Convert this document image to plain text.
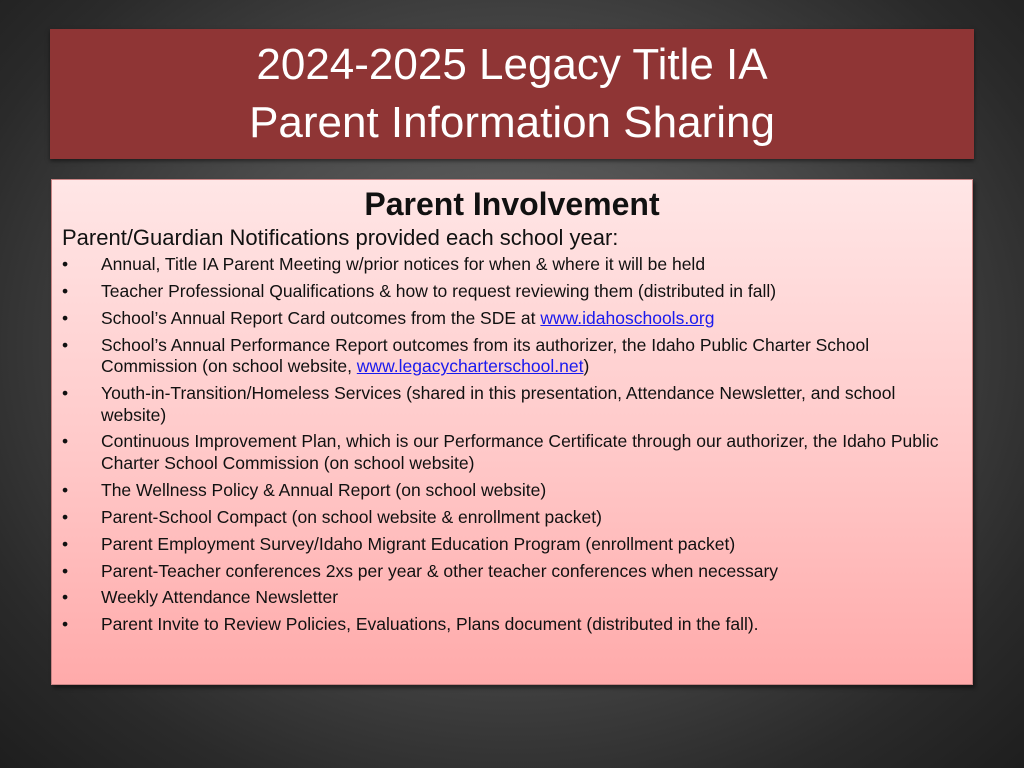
2024-2025 Legacy Title IA
Parent Information Sharing

Parent Involvement

Parent/Guardian Notifications provided each school year:

•	Annual, Title IA Parent Meeting w/prior notices for when & where it will be held
•	Teacher Professional Qualifications & how to request reviewing them (distributed in fall)
•	School’s Annual Report Card outcomes from the SDE at www.idahoschools.org
•	School’s Annual Performance Report outcomes from its authorizer, the Idaho Public Charter School Commission (on school website, www.legacycharterschool.net)
•	Youth-in-Transition/Homeless Services (shared in this presentation, Attendance Newsletter, and school website)
•	Continuous Improvement Plan, which is our Performance Certificate through our authorizer, the Idaho Public Charter School Commission (on school website)
•	The Wellness Policy & Annual Report (on school website)
•	Parent-School Compact (on school website & enrollment packet)
•	Parent Employment Survey/Idaho Migrant Education Program (enrollment packet)
•	Parent-Teacher conferences 2xs per year & other teacher conferences when necessary
•	Weekly Attendance Newsletter
•	Parent Invite to Review Policies, Evaluations, Plans document (distributed in the fall).
